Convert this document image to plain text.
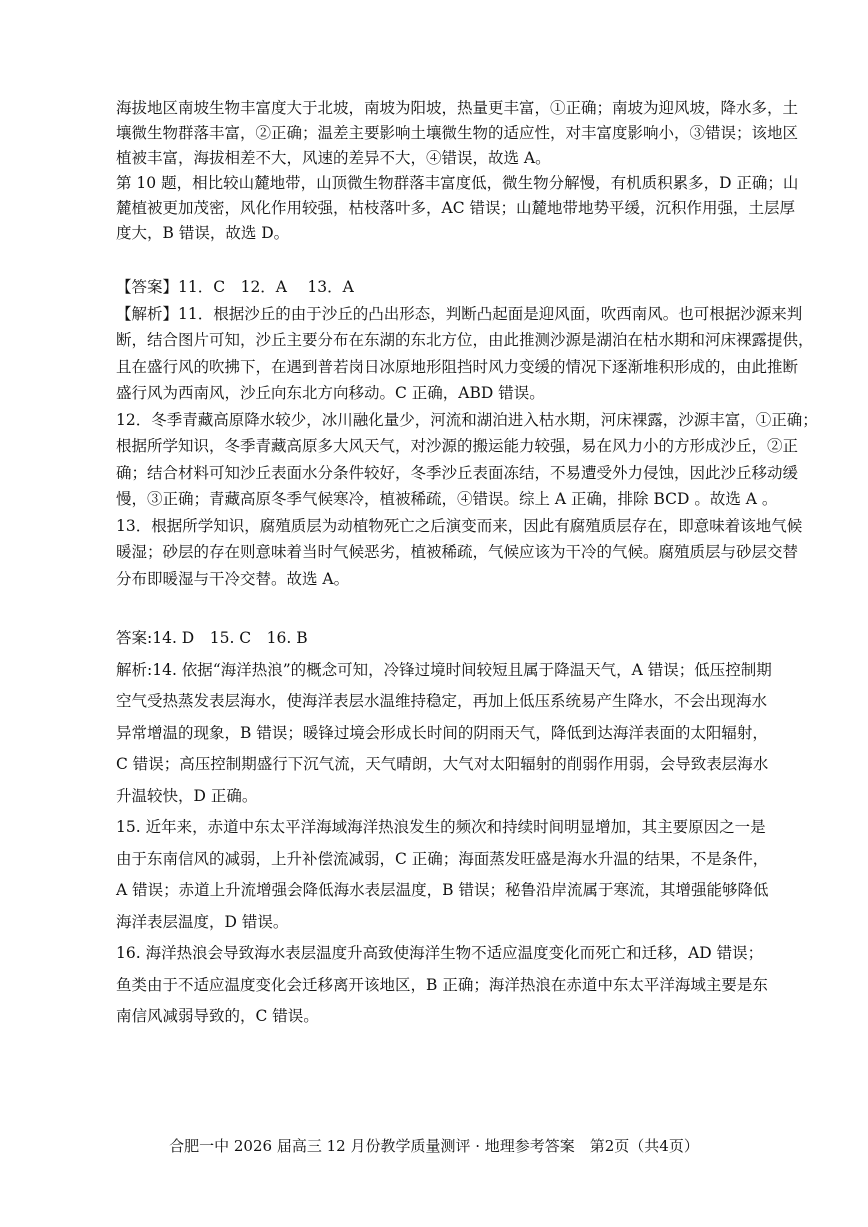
海拔地区南坡生物丰富度大于北坡，南坡为阳坡，热量更丰富，①正确；南坡为迎风坡，降水多，土
壤微生物群落丰富，②正确；温差主要影响土壤微生物的适应性，对丰富度影响小，③错误；该地区
植被丰富，海拔相差不大，风速的差异不大，④错误，故选 A。
第 10 题，相比较山麓地带，山顶微生物群落丰富度低，微生物分解慢，有机质积累多，D 正确；山
麓植被更加茂密，风化作用较强，枯枝落叶多，AC 错误；山麓地带地势平缓，沉积作用强，土层厚
度大，B 错误，故选 D。
【答案】11．C　12．A　 13．A
【解析】11．根据沙丘的由于沙丘的凸出形态，判断凸起面是迎风面，吹西南风。也可根据沙源来判
断，结合图片可知，沙丘主要分布在东湖的东北方位，由此推测沙源是湖泊在枯水期和河床裸露提供，
且在盛行风的吹拂下，在遇到普若岗日冰原地形阻挡时风力变缓的情况下逐渐堆积形成的，由此推断
盛行风为西南风，沙丘向东北方向移动。C 正确，ABD 错误。
12．冬季青藏高原降水较少，冰川融化量少，河流和湖泊进入枯水期，河床裸露，沙源丰富，①正确；
根据所学知识，冬季青藏高原多大风天气，对沙源的搬运能力较强，易在风力小的方形成沙丘，②正
确；结合材料可知沙丘表面水分条件较好，冬季沙丘表面冻结，不易遭受外力侵蚀，因此沙丘移动缓
慢，③正确；青藏高原冬季气候寒冷，植被稀疏，④错误。综上 A 正确，排除 BCD 。故选 A 。
13．根据所学知识，腐殖质层为动植物死亡之后演变而来，因此有腐殖质层存在，即意味着该地气候
暖湿；砂层的存在则意味着当时气候恶劣，植被稀疏，气候应该为干冷的气候。腐殖质层与砂层交替
分布即暖湿与干冷交替。故选 A。
答案:14. D　15. C　16. B
解析:14. 依据“海洋热浪”的概念可知，冷锋过境时间较短且属于降温天气，A 错误；低压控制期
空气受热蒸发表层海水，使海洋表层水温维持稳定，再加上低压系统易产生降水，不会出现海水
异常增温的现象，B 错误；暖锋过境会形成长时间的阴雨天气，降低到达海洋表面的太阳辐射，
C 错误；高压控制期盛行下沉气流，天气晴朗，大气对太阳辐射的削弱作用弱，会导致表层海水
升温较快，D 正确。
15. 近年来，赤道中东太平洋海域海洋热浪发生的频次和持续时间明显增加，其主要原因之一是
由于东南信风的减弱，上升补偿流减弱，C 正确；海面蒸发旺盛是海水升温的结果，不是条件，
A 错误；赤道上升流增强会降低海水表层温度，B 错误；秘鲁沿岸流属于寒流，其增强能够降低
海洋表层温度，D 错误。
16. 海洋热浪会导致海水表层温度升高致使海洋生物不适应温度变化而死亡和迁移，AD 错误；
鱼类由于不适应温度变化会迁移离开该地区，B 正确；海洋热浪在赤道中东太平洋海域主要是东
南信风减弱导致的，C 错误。
合肥一中 2026 届高三 12 月份教学质量测评 · 地理参考答案　第2页（共4页）
